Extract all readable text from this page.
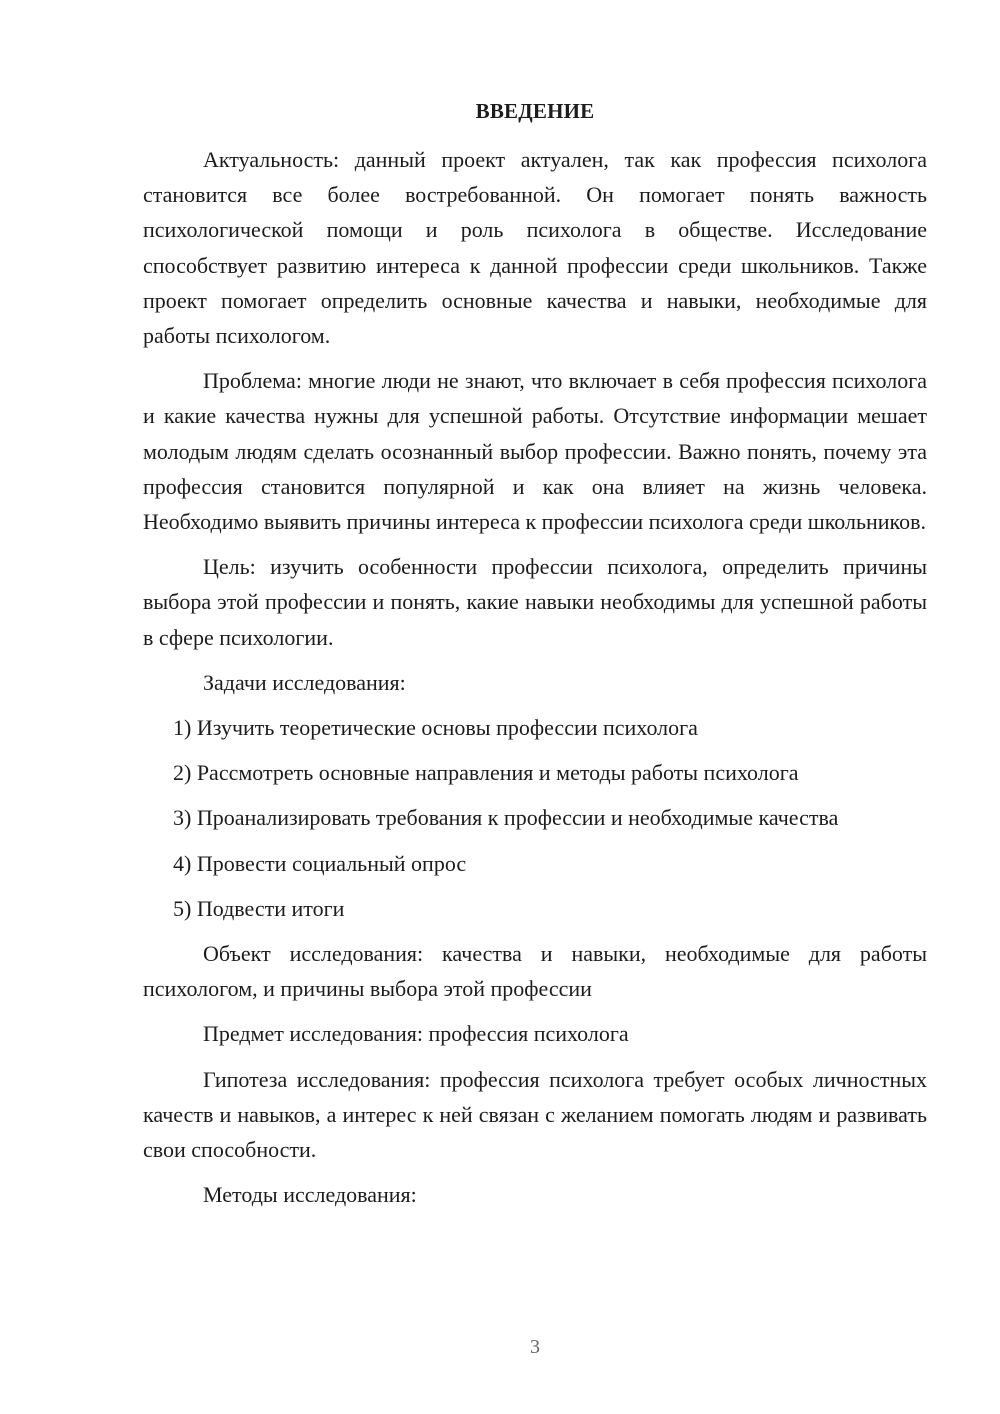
ВВЕДЕНИЕ

Актуальность: данный проект актуален, так как профессия психолога становится все более востребованной. Он помогает понять важность психологической помощи и роль психолога в обществе. Исследование способствует развитию интереса к данной профессии среди школьников. Также проект помогает определить основные качества и навыки, необходимые для работы психологом.

Проблема: многие люди не знают, что включает в себя профессия психолога и какие качества нужны для успешной работы. Отсутствие информации мешает молодым людям сделать осознанный выбор профессии. Важно понять, почему эта профессия становится популярной и как она влияет на жизнь человека. Необходимо выявить причины интереса к профессии психолога среди школьников.

Цель: изучить особенности профессии психолога, определить причины выбора этой профессии и понять, какие навыки необходимы для успешной работы в сфере психологии.

Задачи исследования:

1) Изучить теоретические основы профессии психолога

2) Рассмотреть основные направления и методы работы психолога

3) Проанализировать требования к профессии и необходимые качества

4) Провести социальный опрос

5) Подвести итоги

Объект исследования: качества и навыки, необходимые для работы психологом, и причины выбора этой профессии

Предмет исследования: профессия психолога

Гипотеза исследования: профессия психолога требует особых личностных качеств и навыков, а интерес к ней связан с желанием помогать людям и развивать свои способности.

Методы исследования:

3
